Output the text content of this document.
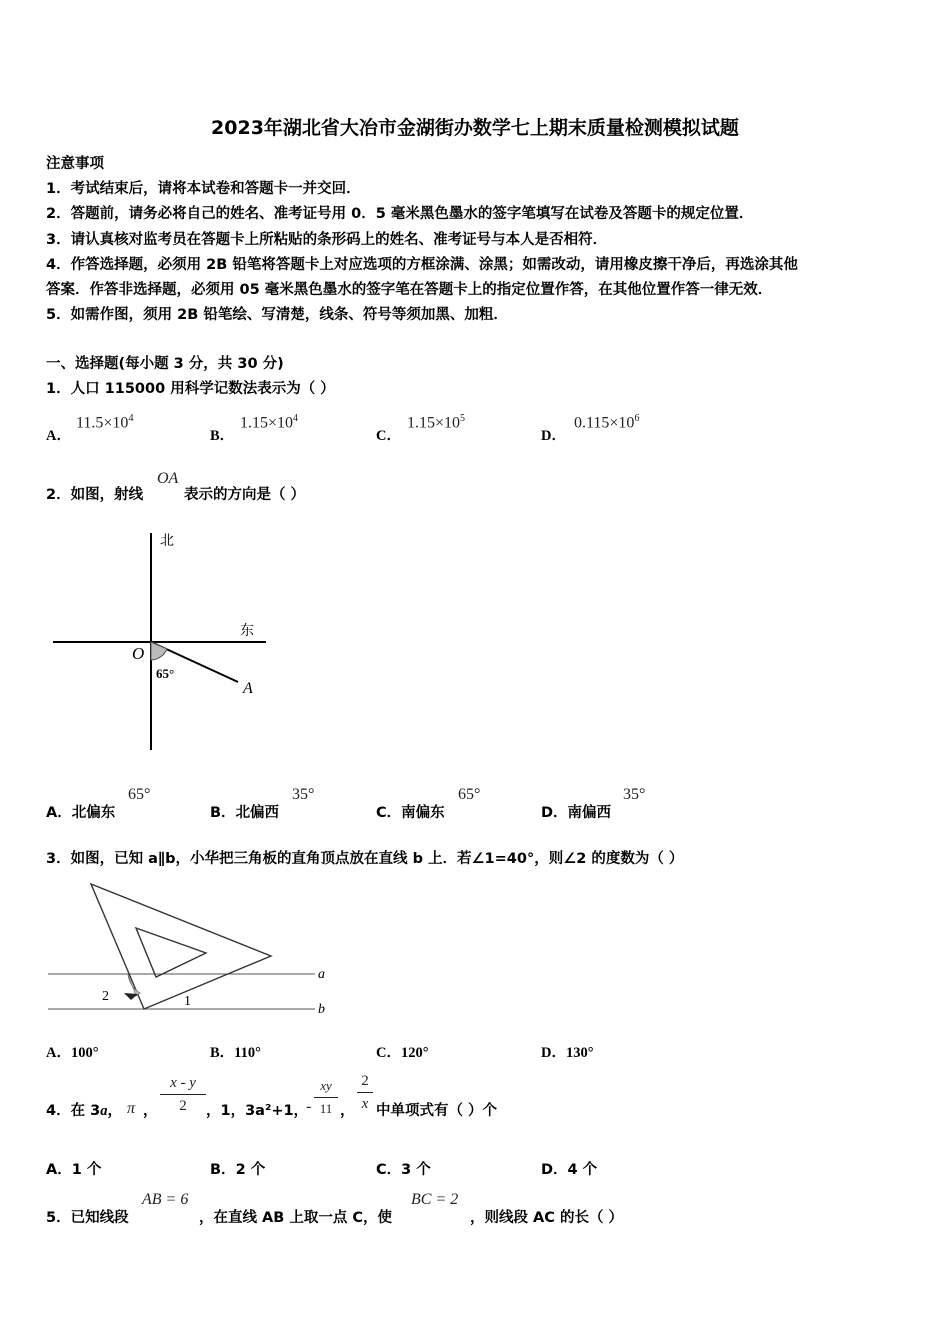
2023年湖北省大冶市金湖街办数学七上期末质量检测模拟试题
注意事项
1．考试结束后，请将本试卷和答题卡一并交回．
2．答题前，请务必将自己的姓名、准考证号用 0．5 毫米黑色墨水的签字笔填写在试卷及答题卡的规定位置．
3．请认真核对监考员在答题卡上所粘贴的条形码上的姓名、准考证号与本人是否相符．
4．作答选择题，必须用 2B 铅笔将答题卡上对应选项的方框涂满、涂黑；如需改动，请用橡皮擦干净后，再选涂其他
答案．作答非选择题，必须用 05 毫米黑色墨水的签字笔在答题卡上的指定位置作答，在其他位置作答一律无效．
5．如需作图，须用 2B 铅笔绘、写清楚，线条、符号等须加黑、加粗．
一、选择题(每小题 3 分，共 30 分)
1．人口 115000 用科学记数法表示为（ ）
A．
$11.5\times 10^4$
B．
$1.15\times 10^4$
C．
$1.15\times 10^5$
D．
$0.115\times 10^6$
2．如图，射线
OA
表示的方向是（ ）
北
东
O
65°
A
A．北偏东
65°
B．北偏西
35°
C．南偏东
65°
D．南偏西
35°
3．如图，已知 a∥b，小华把三角板的直角顶点放在直线 b 上．若∠1=40°，则∠2 的度数为（ ）
a
b
1
2
A．100°	B．110°	C．120°	D．130°
4．在 3a， π ，
x - y
2	，1，3a²+1，
-
xy
11 ，
2
x 中单项式有（ ）个
A．1 个	B．2 个	C．3 个	D．4 个
5．已知线段
AB = 6
，在直线 AB 上取一点 C，使
BC = 2
，则线段 AC 的长（ ）
